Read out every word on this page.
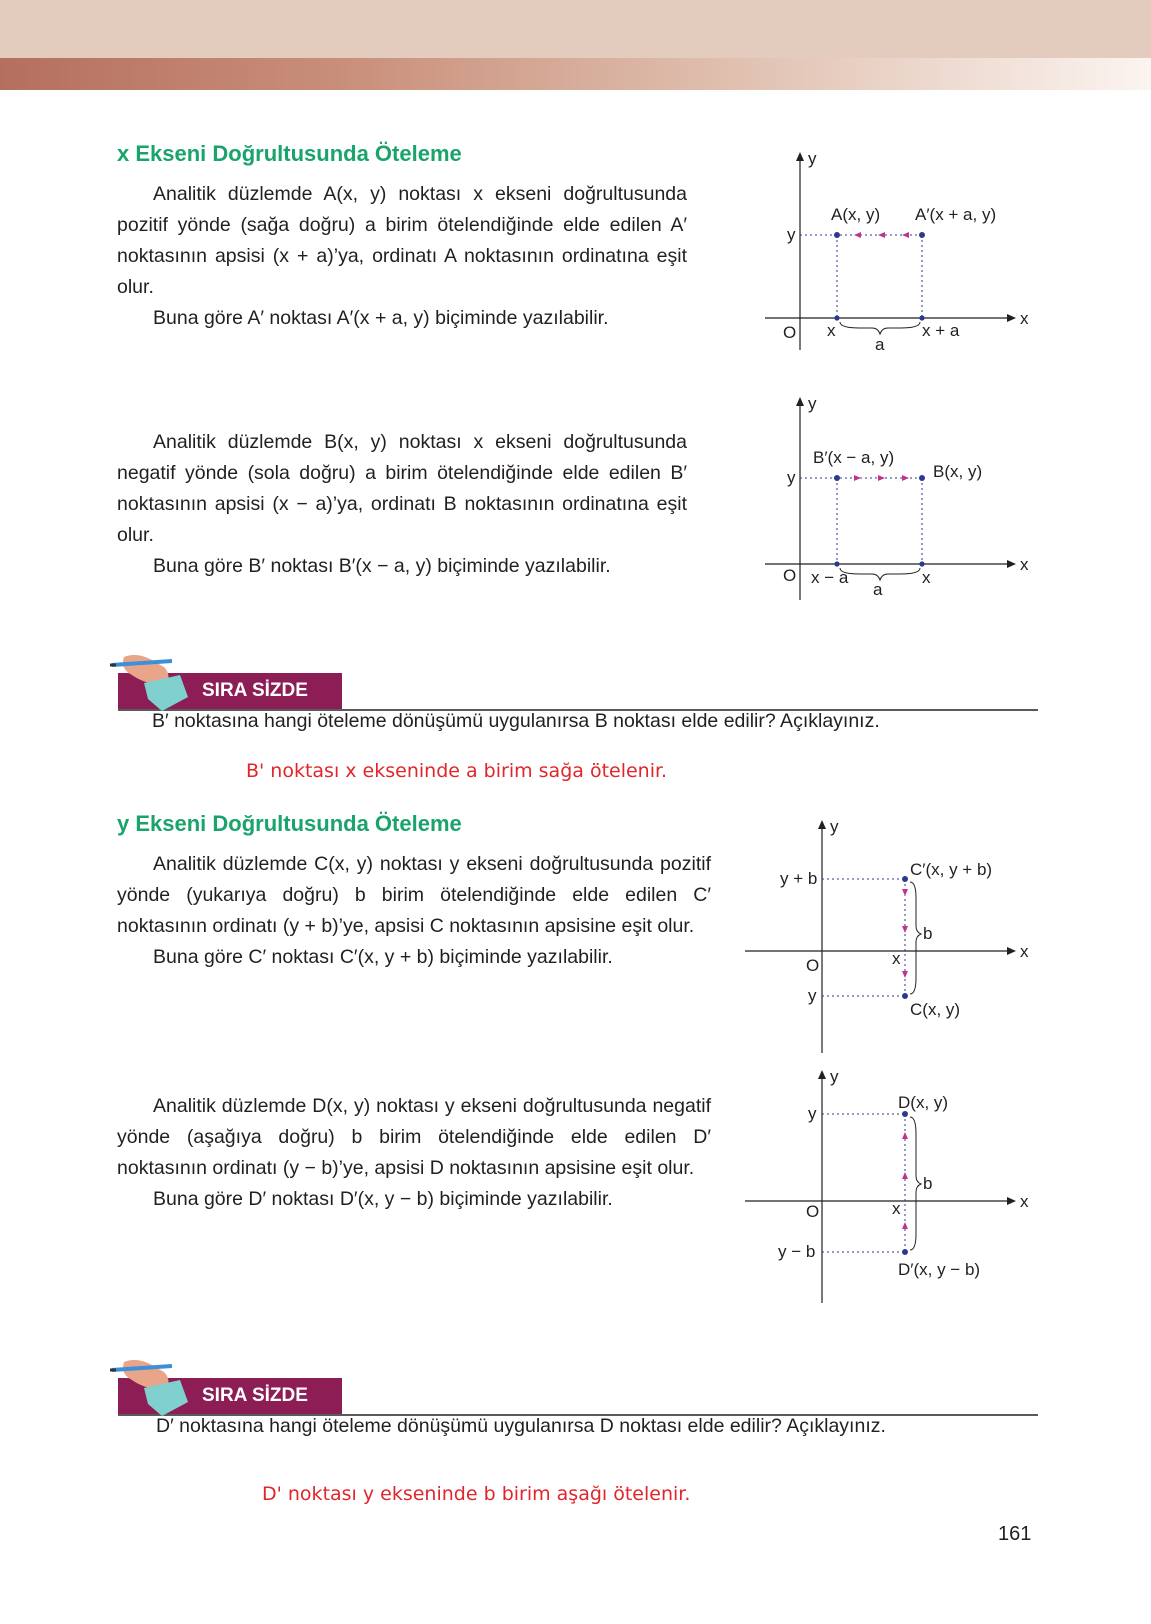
x Ekseni Doğrultusunda Öteleme

Analitik düzlemde A(x, y) noktası x ekseni doğrultusunda pozitif yönde (sağa doğru) a birim ötelendiğinde elde edilen A′ noktasının apsisi (x + a)’ya, ordinatı A noktasının ordinatına eşit olur.

Buna göre A′ noktası A′(x + a, y) biçiminde yazılabilir.

y
x
O
y
A(x, y) A′(x + a, y)
x	x + a
a

Analitik düzlemde B(x, y) noktası x ekseni doğrultusunda negatif yönde (sola doğru) a birim ötelendiğinde elde edilen B′ noktasının apsisi (x − a)’ya, ordinatı B noktasının ordinatına eşit olur.

Buna göre B′ noktası B′(x − a, y) biçiminde yazılabilir.

y
x
O
y
B′(x − a, y)
B(x, y)
x − a	x
a
SIRA SİZDE

B′ noktasına hangi öteleme dönüşümü uygulanırsa B noktası elde edilir? Açıklayınız.

B' noktası x ekseninde a birim sağa ötelenir.

y Ekseni Doğrultusunda Öteleme

Analitik düzlemde C(x, y) noktası y ekseni doğrultusunda pozitif yönde (yukarıya doğru) b birim ötelendiğinde elde edilen C′ noktasının ordinatı (y + b)’ye, apsisi C noktasının apsisine eşit olur.

Buna göre C′ noktası C′(x, y + b) biçiminde yazılabilir.

y
x
O
y + b
y
x
b
C′(x, y + b)
C(x, y)

Analitik düzlemde D(x, y) noktası y ekseni doğrultusunda negatif yönde (aşağıya doğru) b birim ötelendiğinde elde edilen D′ noktasının ordinatı (y − b)’ye, apsisi D noktasının apsisine eşit olur.

Buna göre D′ noktası D′(x, y − b) biçiminde yazılabilir.

y
x
O
y
y − b
x
b
D(x, y)
D′(x, y − b)
SIRA SİZDE

D′ noktasına hangi öteleme dönüşümü uygulanırsa D noktası elde edilir? Açıklayınız.

D' noktası y ekseninde b birim aşağı ötelenir.

161
